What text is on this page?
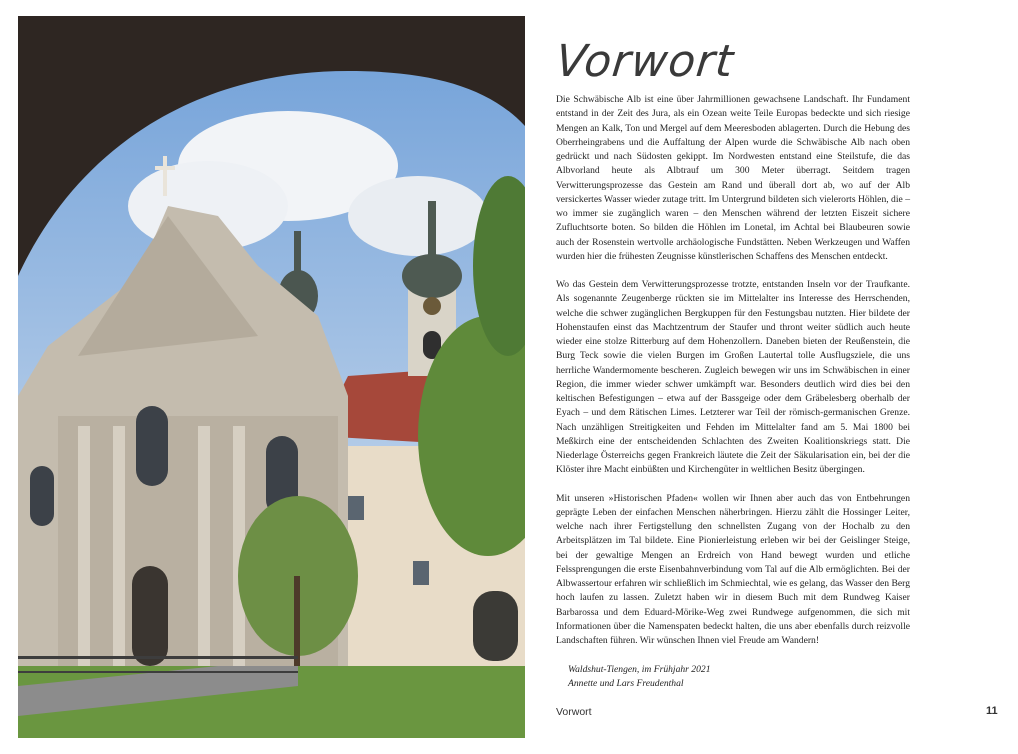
Vorwort

Die Schwäbische Alb ist eine über Jahrmillionen gewachsene Landschaft. Ihr Fundament entstand in der Zeit des Jura, als ein Ozean weite Teile Europas bedeckte und sich riesige Mengen an Kalk, Ton und Mergel auf dem Meeresboden ablagerten. Durch die Hebung des Oberrheingrabens und die Auffaltung der Alpen wurde die Schwäbische Alb nach oben gedrückt und nach Südosten gekippt. Im Nordwesten entstand eine Steilstufe, die das Albvorland heute als Albtrauf um 300 Meter überragt. Seitdem tragen Verwitterungsprozesse das Gestein am Rand und überall dort ab, wo auf der Alb versickertes Wasser wieder zutage tritt. Im Untergrund bildeten sich vielerorts Höhlen, die – wo immer sie zugänglich waren – den Menschen während der letzten Eiszeit sichere Zufluchtsorte boten. So bilden die Höhlen im Lonetal, im Achtal bei Blaubeuren sowie auch der Rosenstein wertvolle archäologische Fundstätten. Neben Werkzeugen und Waffen wurden hier die frühesten Zeugnisse künstlerischen Schaffens des Menschen entdeckt.

Wo das Gestein dem Verwitterungsprozesse trotzte, entstanden Inseln vor der Traufkante. Als sogenannte Zeugenberge rückten sie im Mittelalter ins Interesse des Herrschenden, welche die schwer zugänglichen Bergkuppen für den Festungsbau nutzten. Hier bildete der Hohenstaufen einst das Machtzentrum der Staufer und thront weiter südlich auch heute wieder eine stolze Ritterburg auf dem Hohenzollern. Daneben bieten der Reußenstein, die Burg Teck sowie die vielen Burgen im Großen Lautertal tolle Ausflugsziele, die uns herrliche Wandermomente bescheren. Zugleich bewegen wir uns im Schwäbischen in einer Region, die immer wieder schwer umkämpft war. Besonders deutlich wird dies bei den keltischen Befestigungen – etwa auf der Bassgeige oder dem Gräbelesberg oberhalb der Eyach – und dem Rätischen Limes. Letzterer war Teil der römisch-germanischen Grenze. Nach unzähligen Streitigkeiten und Fehden im Mittelalter fand am 5. Mai 1800 bei Meßkirch eine der entscheidenden Schlachten des Zweiten Koalitionskriegs statt. Die Niederlage Österreichs gegen Frankreich läutete die Zeit der Säkularisation ein, bei der die Klöster ihre Macht einbüßten und Kirchengüter in weltlichen Besitz übergingen.

Mit unseren »Historischen Pfaden« wollen wir Ihnen aber auch das von Entbehrungen geprägte Leben der einfachen Menschen näherbringen. Hierzu zählt die Hossinger Leiter, welche nach ihrer Fertigstellung den schnellsten Zugang von der Hochalb zu den Arbeitsplätzen im Tal bildete. Eine Pionierleistung erleben wir bei der Geislinger Steige, bei der gewaltige Mengen an Erdreich von Hand bewegt wurden und etliche Felssprengungen die erste Eisenbahnverbindung vom Tal auf die Alb ermöglichten. Bei der Albwassertour erfahren wir schließlich im Schmiechtal, wie es gelang, das Wasser den Berg hoch laufen zu lassen. Zuletzt haben wir in diesem Buch mit dem Rundweg Kaiser Barbarossa und dem Eduard-Mörike-Weg zwei Rundwege aufgenommen, die sich mit Informationen über die Namenspaten bedeckt halten, die uns aber ebenfalls durch reizvolle Landschaften führen. Wir wünschen Ihnen viel Freude am Wandern!

Waldshut-Tiengen, im Frühjahr 2021
Annette und Lars Freudenthal
Vorwort	11
